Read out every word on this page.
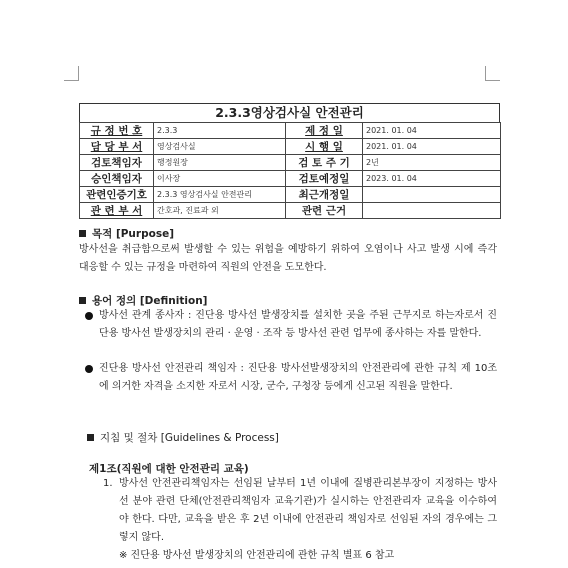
2.3.3영상검사실 안전관리
규 정 번 호	2.3.3	제 정 일	2021. 01. 04
담 당 부 서	영상검사실	시 행 일	2021. 01. 04
검토책임자	행정원장	검 토 주 기	2년
승인책임자	이사장	검토예정일	2023. 01. 04
관련인증기호	2.3.3 영상검사실 안전관리	최근개정일	
관 련 부 서	간호과, 진료과 외	관련 근거	
목적 [Purpose]
방사선을 취급함으로써 발생할 수 있는 위험을 예방하기 위하여 오염이나 사고 발생 시에 즉각 대응할 수 있는 규정을 마련하여 직원의 안전을 도모한다.
용어 정의 [Definition]
방사선 관계 종사자 : 진단용 방사선 발생장치를 설치한 곳을 주된 근무지로 하는자로서 진단용 방사선 발생장치의 관리 · 운영 · 조작 등 방사선 관련 업무에 종사하는 자를 말한다.
진단용 방사선 안전관리 책임자 : 진단용 방사선발생장치의 안전관리에 관한 규칙 제 10조에 의거한 자격을 소지한 자로서 시장, 군수, 구청장 등에게 신고된 직원을 말한다.
지침 및 절차 [Guidelines & Process]
제1조(직원에 대한 안전관리 교육)
1. 방사선 안전관리책임자는 선임된 날부터 1년 이내에 질병관리본부장이 지정하는 방사선 분야 관련 단체(안전관리책임자 교육기관)가 실시하는 안전관리자 교육을 이수하여야 한다. 다만, 교육을 받은 후 2년 이내에 안전관리 책임자로 선임된 자의 경우에는 그렇지 않다.
※ 진단용 방사선 발생장치의 안전관리에 관한 규칙 별표 6 참고
